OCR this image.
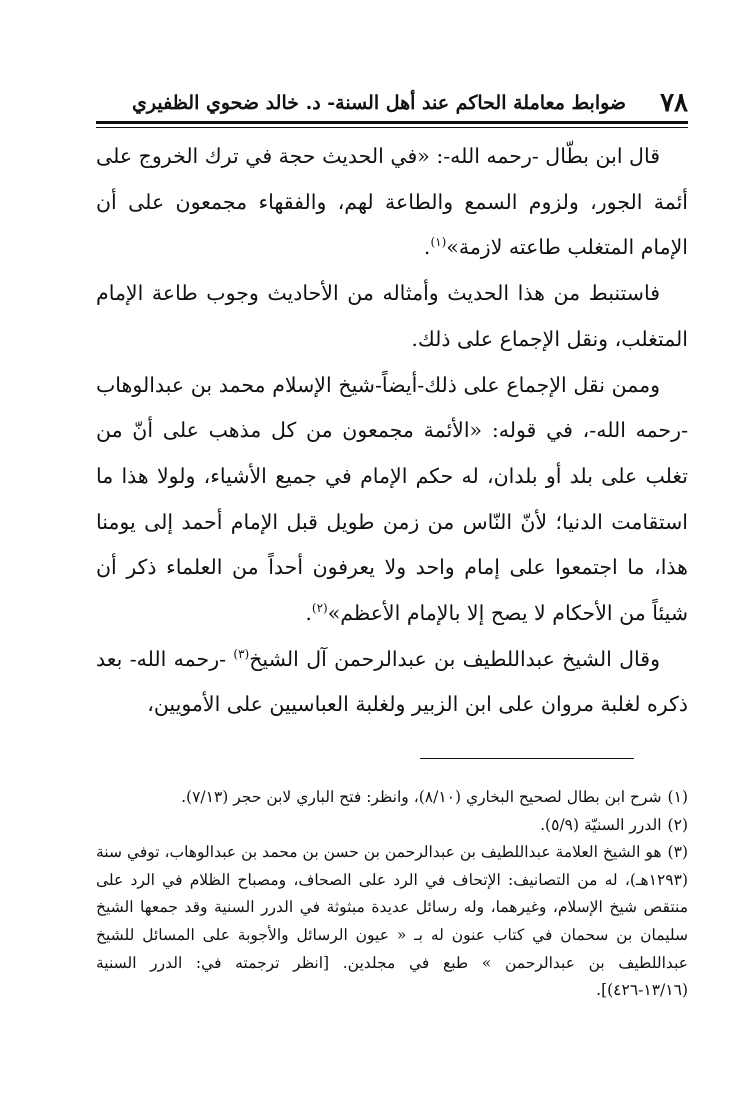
٧٨
ضوابط معاملة الحاكم عند أهل السنة- د. خالد ضحوي الظفيري

قال ابن بطّال -رحمه الله-: «في الحديث حجة في ترك الخروج على أئمة الجور، ولزوم السمع والطاعة لهم، والفقهاء مجمعون على أن الإمام المتغلب طاعته لازمة»$^{(١)}$.

فاستنبط من هذا الحديث وأمثاله من الأحاديث وجوب طاعة الإمام المتغلب، ونقل الإجماع على ذلك.

وممن نقل الإجماع على ذلك-أيضاً-شيخ الإسلام محمد بن عبدالوهاب -رحمه الله-، في قوله: «الأئمة مجمعون من كل مذهب على أنّ من تغلب على بلد أو بلدان، له حكم الإمام في جميع الأشياء، ولولا هذا ما استقامت الدنيا؛ لأنّ النّاس من زمن طويل قبل الإمام أحمد إلى يومنا هذا، ما اجتمعوا على إمام واحد ولا يعرفون أحداً من العلماء ذكر أن شيئاً من الأحكام لا يصح إلا بالإمام الأعظم»$^{(٢)}$.

وقال الشيخ عبداللطيف بن عبدالرحمن آل الشيخ$^{(٣)}$ -رحمه الله- بعد ذكره لغلبة مروان على ابن الزبير ولغلبة العباسيين على الأمويين،

(١)شرح ابن بطال لصحيح البخاري (٨/١٠)، وانظر: فتح الباري لابن حجر (٧/١٣).

(٢)الدرر السنيّة (٥/٩).

(٣)هو الشيخ العلامة عبداللطيف بن عبدالرحمن بن حسن بن محمد بن عبدالوهاب، توفي سنة (١٢٩٣هـ)، له من التصانيف: الإتحاف في الرد على الصحاف، ومصباح الظلام في الرد على منتقص شيخ الإسلام، وغيرهما، وله رسائل عديدة مبثوثة في الدرر السنية وقد جمعها الشيخ سليمان بن سحمان في كتاب عنون له بـ « عيون الرسائل والأجوبة على المسائل للشيخ عبداللطيف بن عبدالرحمن » طبع في مجلدين. [انظر ترجمته في: الدرر السنية (١٣/١٦-٤٢٦)].
